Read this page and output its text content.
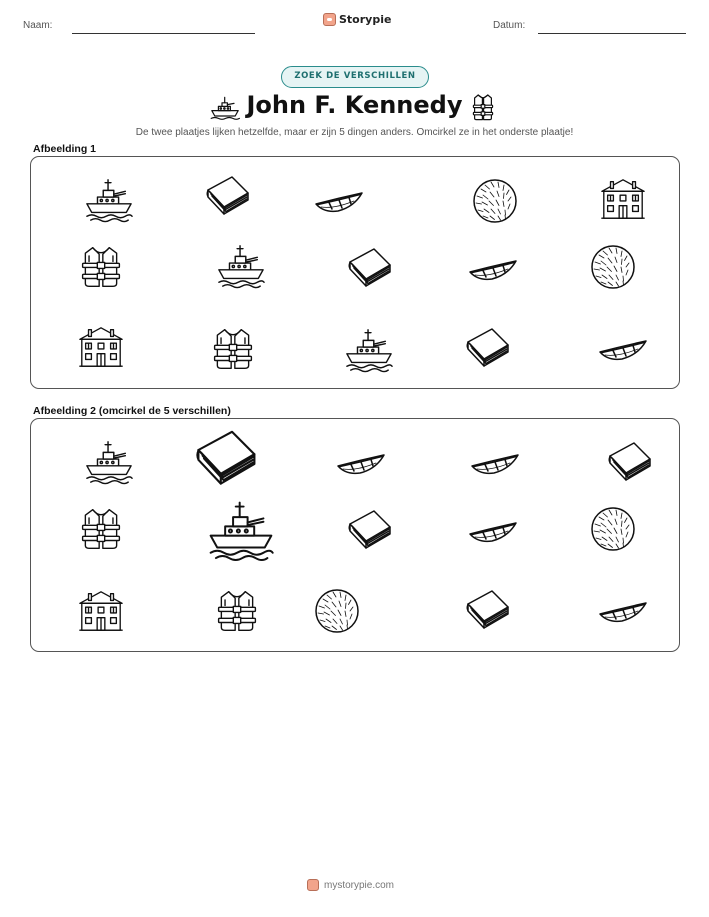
Naam:	Storypie	Datum:
ZOEK DE VERSCHILLEN
John F. Kennedy
De twee plaatjes lijken hetzelfde, maar er zijn 5 dingen anders. Omcirkel ze in het onderste plaatje!
Afbeelding 1
Afbeelding 2 (omcirkel de 5 verschillen)
mystorypie.com
